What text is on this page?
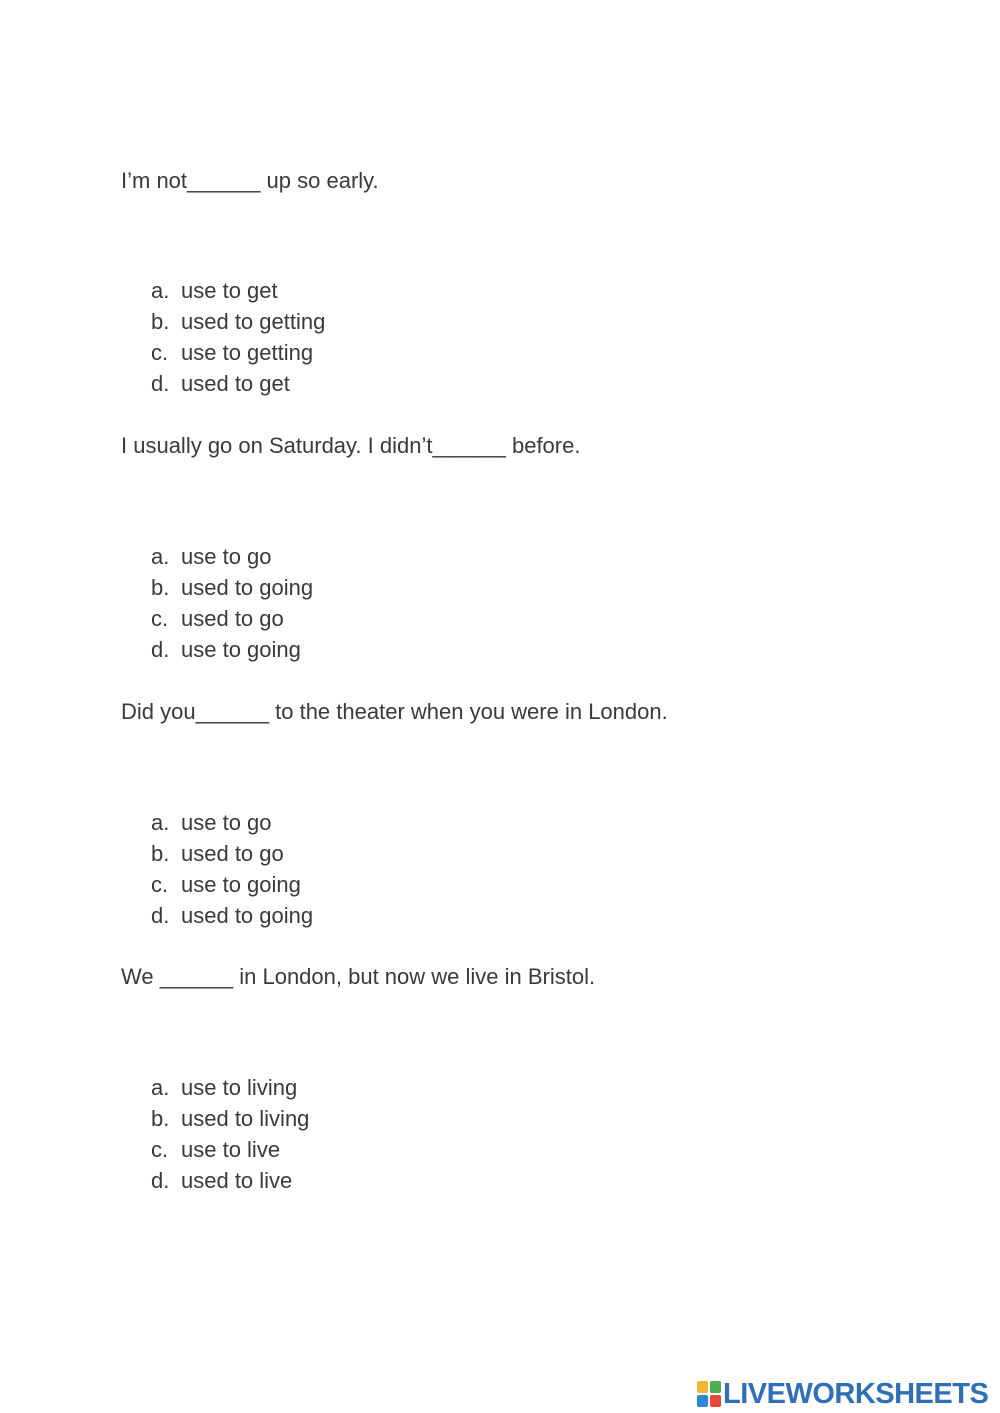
I’m not______ up so early.
a. use to get
b. used to getting
c. use to getting
d. used to get
I usually go on Saturday. I didn’t______ before.
a. use to go
b. used to going
c. used to go
d. use to going
Did you______ to the theater when you were in London.
a. use to go
b. used to go
c. use to going
d. used to going
We ______ in London, but now we live in Bristol.
a. use to living
b. used to living
c. use to live
d. used to live
LIVEWORKSHEETS
